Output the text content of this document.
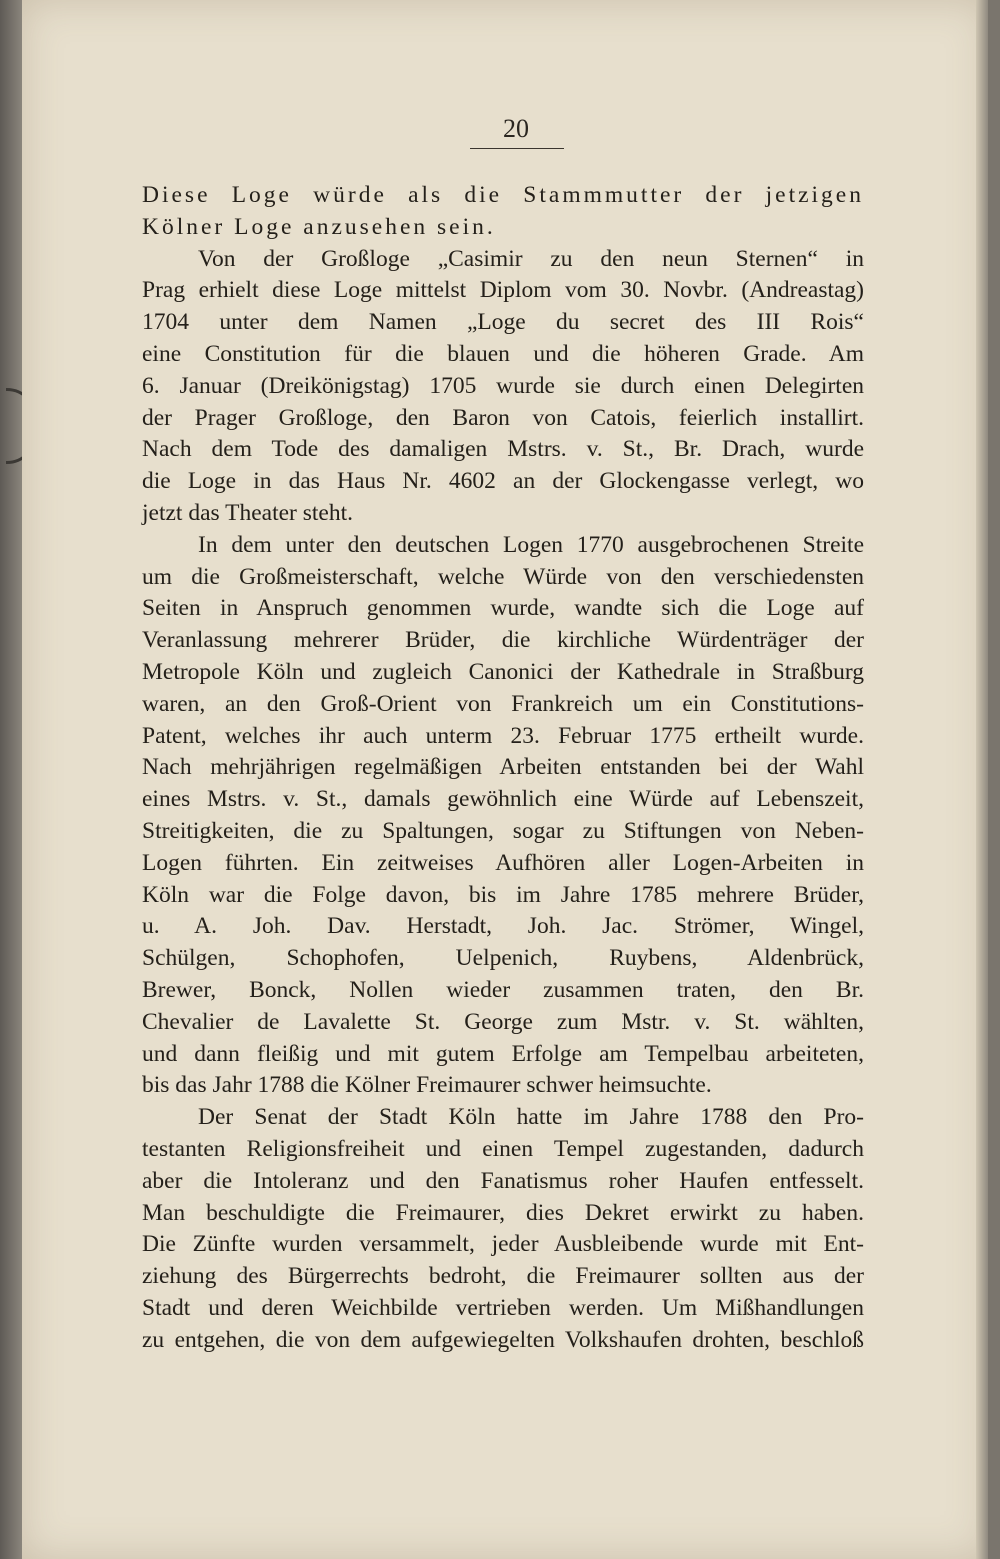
20

Diese Loge würde als die Stammmutter der jetzigen
Kölner Loge anzusehen sein.

Von der Großloge „Casimir zu den neun Sternen“ in
Prag erhielt diese Loge mittelst Diplom vom 30. Novbr. (Andreastag)
1704 unter dem Namen „Loge du secret des III Rois“
eine Constitution für die blauen und die höheren Grade. Am
6. Januar (Dreikönigstag) 1705 wurde sie durch einen Delegirten
der Prager Großloge, den Baron von Catois, feierlich installirt.
Nach dem Tode des damaligen Mstrs. v. St., Br. Drach, wurde
die Loge in das Haus Nr. 4602 an der Glockengasse verlegt, wo
jetzt das Theater steht.

In dem unter den deutschen Logen 1770 ausgebrochenen Streite
um die Großmeisterschaft, welche Würde von den verschiedensten
Seiten in Anspruch genommen wurde, wandte sich die Loge auf
Veranlassung mehrerer Brüder, die kirchliche Würdenträger der
Metropole Köln und zugleich Canonici der Kathedrale in Straßburg
waren, an den Groß-Orient von Frankreich um ein Constitutions-
Patent, welches ihr auch unterm 23. Februar 1775 ertheilt wurde.
Nach mehrjährigen regelmäßigen Arbeiten entstanden bei der Wahl
eines Mstrs. v. St., damals gewöhnlich eine Würde auf Lebenszeit,
Streitigkeiten, die zu Spaltungen, sogar zu Stiftungen von Neben-
Logen führten. Ein zeitweises Aufhören aller Logen-Arbeiten in
Köln war die Folge davon, bis im Jahre 1785 mehrere Brüder,
u. A. Joh. Dav. Herstadt, Joh. Jac. Strömer, Wingel,
Schülgen, Schophofen, Uelpenich, Ruybens, Aldenbrück,
Brewer, Bonck, Nollen wieder zusammen traten, den Br.
Chevalier de Lavalette St. George zum Mstr. v. St. wählten,
und dann fleißig und mit gutem Erfolge am Tempelbau arbeiteten,
bis das Jahr 1788 die Kölner Freimaurer schwer heimsuchte.

Der Senat der Stadt Köln hatte im Jahre 1788 den Pro-
testanten Religionsfreiheit und einen Tempel zugestanden, dadurch
aber die Intoleranz und den Fanatismus roher Haufen entfesselt.
Man beschuldigte die Freimaurer, dies Dekret erwirkt zu haben.
Die Zünfte wurden versammelt, jeder Ausbleibende wurde mit Ent-
ziehung des Bürgerrechts bedroht, die Freimaurer sollten aus der
Stadt und deren Weichbilde vertrieben werden. Um Mißhandlungen
zu entgehen, die von dem aufgewiegelten Volkshaufen drohten, beschloß
